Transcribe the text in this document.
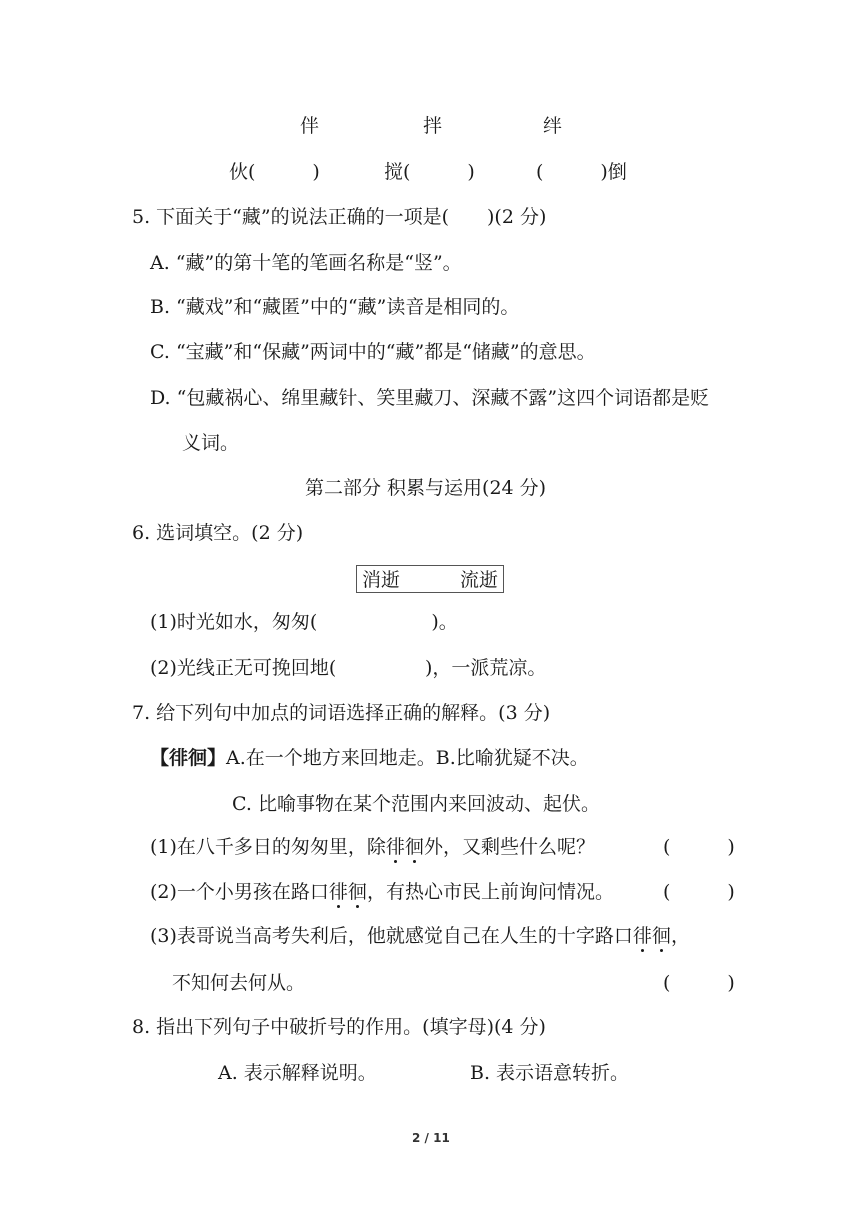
伴	拌	绊
伙(　　　)	搅(　　　)	(　　　)倒
5. 下面关于“藏”的说法正确的一项是(　　)(2 分)
A. “藏”的第十笔的笔画名称是“竖”。
B. “藏戏”和“藏匿”中的“藏”读音是相同的。
C. “宝藏”和“保藏”两词中的“藏”都是“储藏”的意思。
D. “包藏祸心、绵里藏针、笑里藏刀、深藏不露”这四个词语都是贬
义词。
第二部分 积累与运用(24 分)
6. 选词填空。(2 分)
消逝	流逝
(1)时光如水，匆匆(　　　　　　)。
(2)光线正无可挽回地(	)，一派荒凉。
7. 给下列句中加点的词语选择正确的解释。(3 分)
【徘徊】A.在一个地方来回地走。B.比喻犹疑不决。
C. 比喻事物在某个范围内来回波动、起伏。
(1)在八千多日的匆匆里，除徘徊
外，又剩些什么呢？	(　　　)
(2)一个小男孩在路口徘徊
，有热心市民上前询问情况。	(　　　)
(3)表哥说当高考失利后，他就感觉自己在人生的十字路口徘徊
，
不知何去何从。	(　　　)
8. 指出下列句子中破折号的作用。(填字母)(4 分)
A. 表示解释说明。	B. 表示语意转折。
2 / 11
